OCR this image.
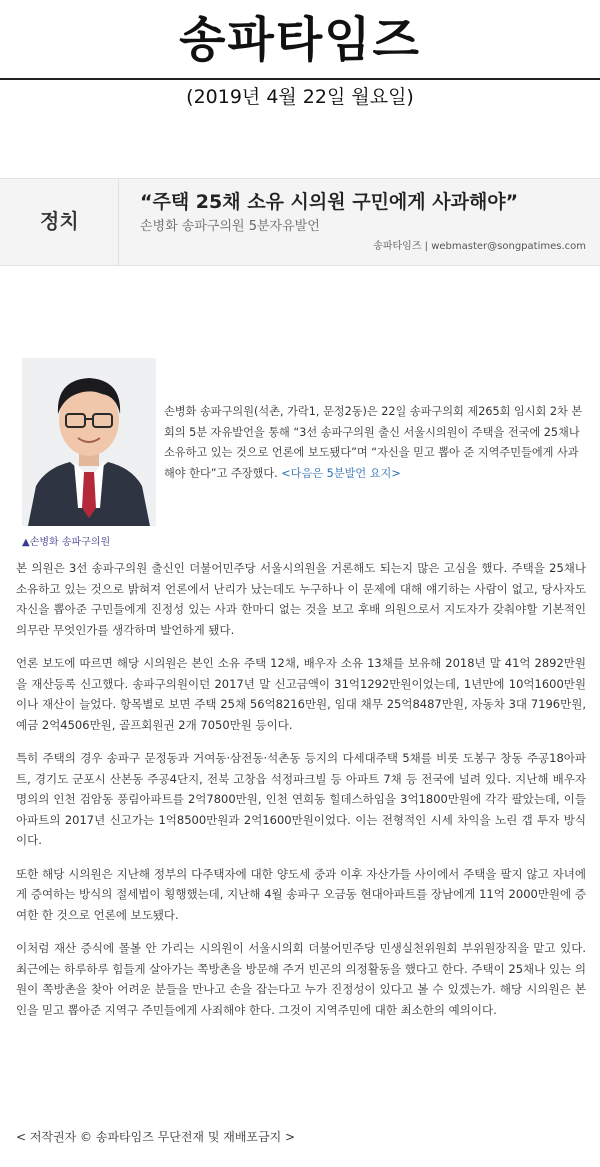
송파타임즈
(2019년 4월 22일 월요일)
정치
“주택 25채 소유 시의원 구민에게 사과해야”
손병화 송파구의원 5분자유발언
송파타임즈 | webmaster@songpatimes.com
▲손병화 송파구의원
손병화 송파구의원(석촌, 가락1, 문정2동)은 22일 송파구의회 제265회 임시회 2차 본회의 5분 자유발언을 통해 “3선 송파구의원 출신 서울시의원이 주택을 전국에 25채나 소유하고 있는 것으로 언론에 보도됐다”며 “자신을 믿고 뽑아 준 지역주민들에게 사과해야 한다”고 주장했다. <다음은 5분발언 요지>

본 의원은 3선 송파구의원 출신인 더불어민주당 서울시의원을 거론해도 되는지 많은 고심을 했다. 주택을 25채나 소유하고 있는 것으로 밝혀져 언론에서 난리가 났는데도 누구하나 이 문제에 대해 얘기하는 사람이 없고, 당사자도 자신을 뽑아준 구민들에게 진정성 있는 사과 한마디 없는 것을 보고 후배 의원으로서 지도자가 갖춰야할 기본적인 의무란 무엇인가를 생각하며 발언하게 됐다.

언론 보도에 따르면 해당 시의원은 본인 소유 주택 12채, 배우자 소유 13채를 보유해 2018년 말 41억 2892만원을 재산등록 신고했다. 송파구의원이던 2017년 말 신고금액이 31억1292만원이었는데, 1년만에 10억1600만원이나 재산이 늘었다. 항목별로 보면 주택 25채 56억8216만원, 임대 채무 25억8487만원, 자동차 3대 7196만원, 예금 2억4506만원, 골프회원권 2개 7050만원 등이다.

특히 주택의 경우 송파구 문정동과 거여동·삼전동·석촌동 등지의 다세대주택 5채를 비롯 도봉구 창동 주공18아파트, 경기도 군포시 산본동 주공4단지, 전북 고창읍 석정파크빌 등 아파트 7채 등 전국에 널려 있다. 지난해 배우자 명의의 인천 검암동 풍림아파트를 2억7800만원, 인천 연희동 힐데스하임을 3억1800만원에 각각 팔았는데, 이들 아파트의 2017년 신고가는 1억8500만원과 2억1600만원이었다. 이는 전형적인 시세 차익을 노린 갭 투자 방식이다.

또한 해당 시의원은 지난해 정부의 다주택자에 대한 양도세 중과 이후 자산가들 사이에서 주택을 팔지 않고 자녀에게 증여하는 방식의 절세법이 횡행했는데, 지난해 4월 송파구 오금동 현대아파트를 장남에게 11억 2000만원에 증여한 한 것으로 언론에 보도됐다.

이처럼 재산 증식에 몰볼 안 가리는 시의원이 서울시의회 더불어민주당 민생실천위원회 부위원장직을 맡고 있다. 최근에는 하루하루 힘들게 살아가는 쪽방촌을 방문해 주거 빈곤의 의정활동을 했다고 한다. 주택이 25채나 있는 의원이 쪽방촌을 찾아 어려운 분들을 만나고 손을 잡는다고 누가 진정성이 있다고 볼 수 있겠는가. 해당 시의원은 본인을 믿고 뽑아준 지역구 주민들에게 사죄해야 한다. 그것이 지역주민에 대한 최소한의 예의이다.

< 저작권자 © 송파타임즈 무단전재 및 재배포금지 >
